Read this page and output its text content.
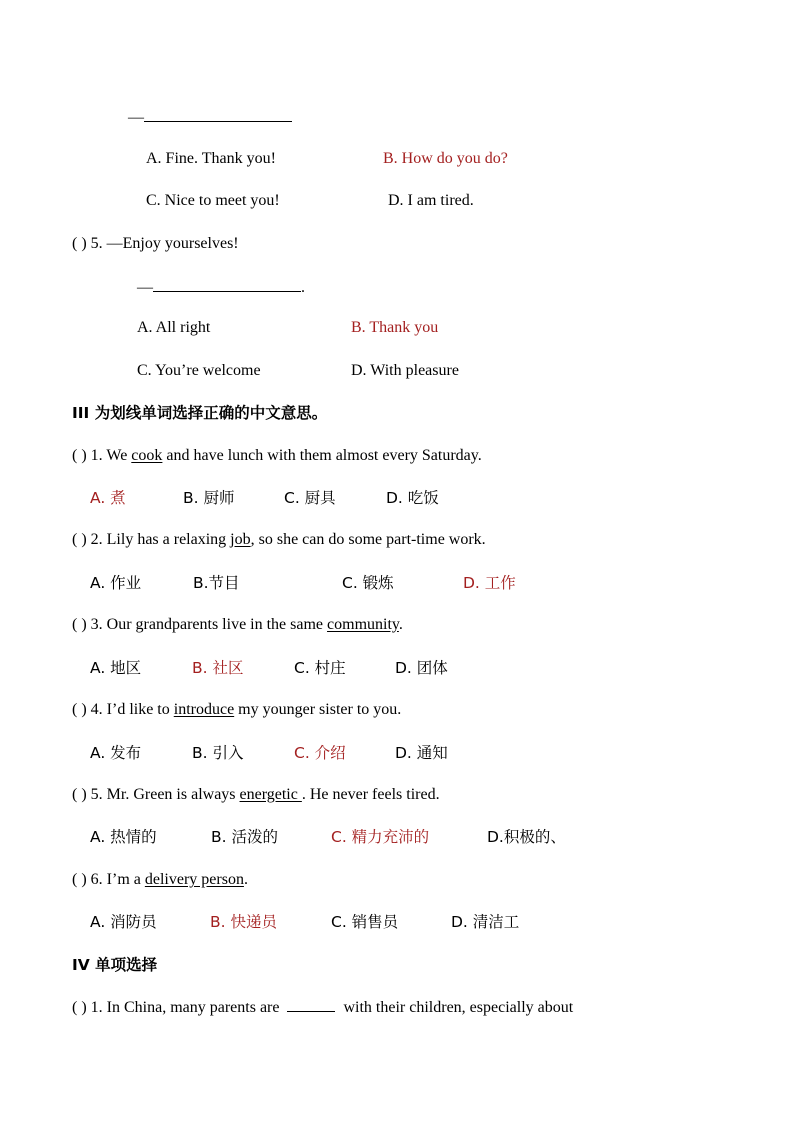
—
A. Fine. Thank you!	B. How do you do?
C. Nice to meet you!	D. I am tired.
( ) 5. —Enjoy yourselves!
—	.
A. All right	B. Thank you
C. You’re welcome	D. With pleasure
III 为划线单词选择正确的中文意思。
( ) 1. We cook and have lunch with them almost every Saturday.
A. 煮	B. 厨师	C. 厨具	D. 吃饭
( ) 2. Lily has a relaxing job, so she can do some part-time work.
A. 作业	B.节目	C. 锻炼	D. 工作
( ) 3. Our grandparents live in the same community.
A. 地区	B. 社区	C. 村庄	D. 团体
( ) 4. I’d like to introduce my younger sister to you.
A. 发布	B. 引入	C. 介绍	D. 通知
( ) 5. Mr. Green is always energetic . He never feels tired.
A. 热情的	B. 活泼的	C. 精力充沛的	D.积极的、
( ) 6. I’m a delivery person.
A. 消防员	B. 快递员	C. 销售员	D. 清洁工
IV 单项选择
( ) 1. In China, many parents are	with their children, especially about
